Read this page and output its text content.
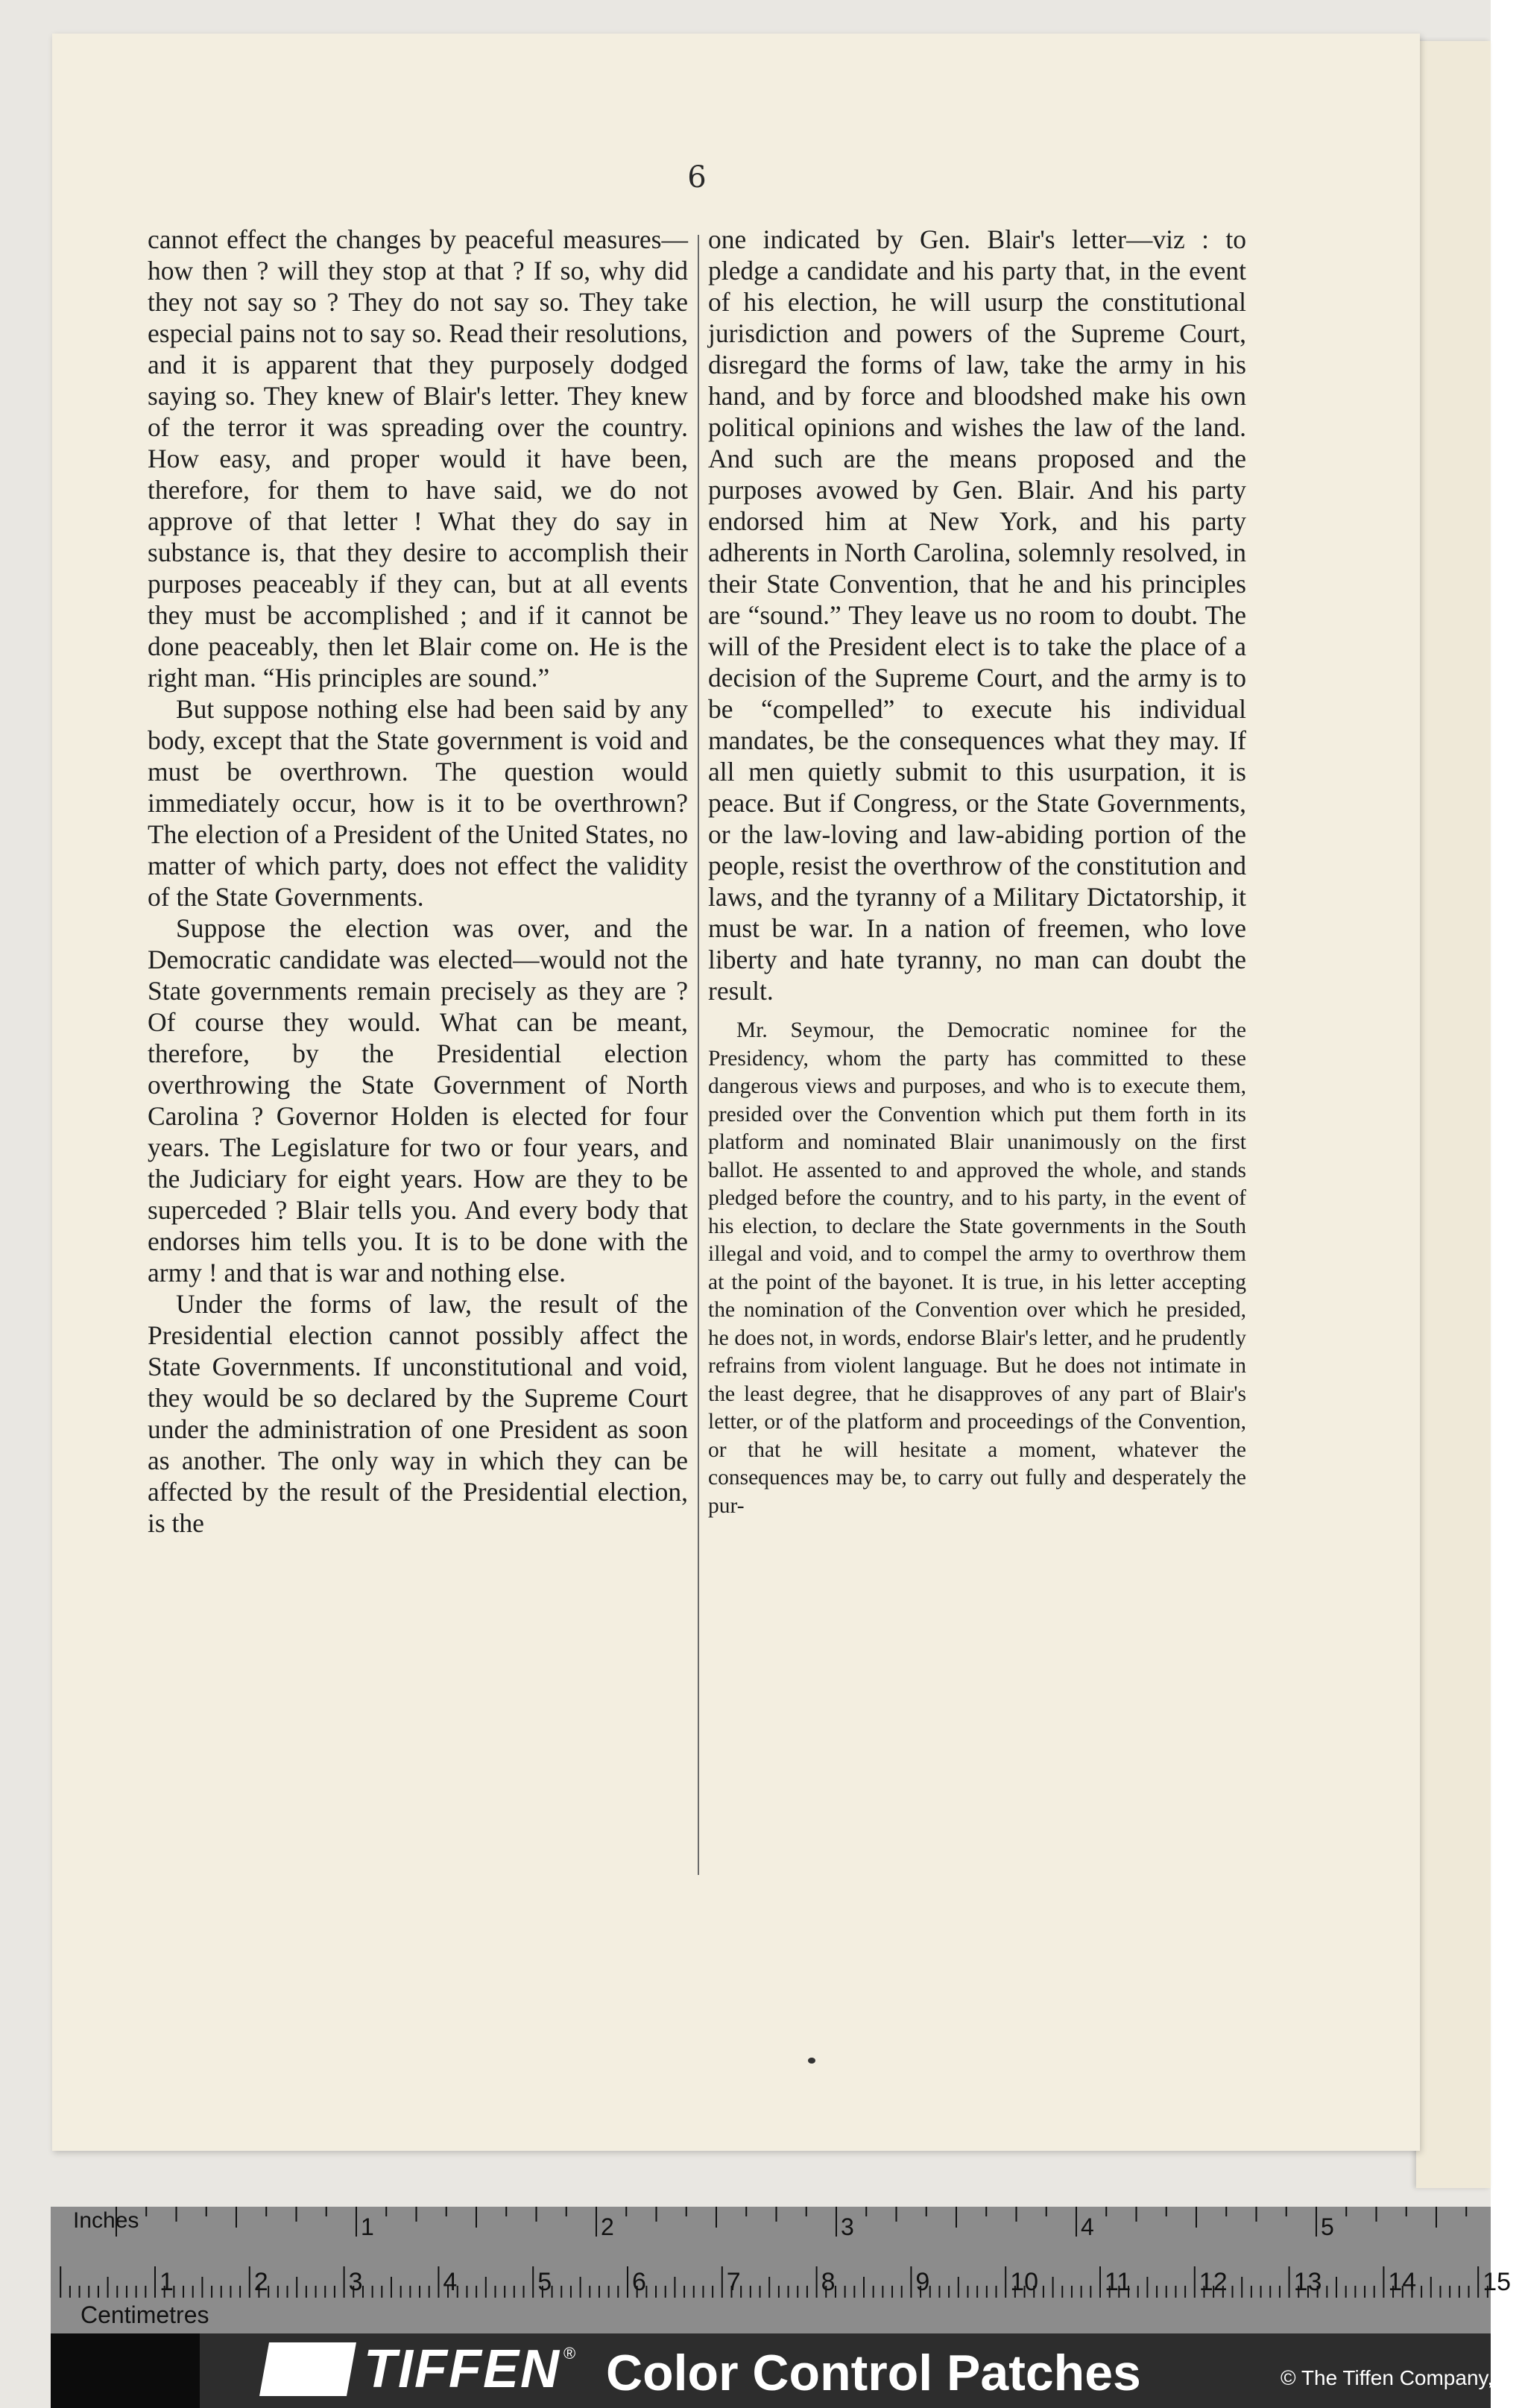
6

cannot effect the changes by peaceful measures—how then ? will they stop at that ? If so, why did they not say so ? They do not say so. They take especial pains not to say so. Read their resolutions, and it is apparent that they purposely dodged saying so. They knew of Blair's letter. They knew of the terror it was spreading over the country. How easy, and proper would it have been, therefore, for them to have said, we do not approve of that letter ! What they do say in substance is, that they desire to accomplish their purposes peaceably if they can, but at all events they must be accomplished ; and if it cannot be done peaceably, then let Blair come on. He is the right man. “His principles are sound.”

But suppose nothing else had been said by any body, except that the State government is void and must be overthrown. The question would immediately occur, how is it to be overthrown? The election of a President of the United States, no matter of which party, does not effect the validity of the State Governments.

Suppose the election was over, and the Democratic candidate was elected—would not the State governments remain precisely as they are ? Of course they would. What can be meant, therefore, by the Presidential election overthrowing the State Government of North Carolina ? Governor Holden is elected for four years. The Legislature for two or four years, and the Judiciary for eight years. How are they to be superceded ? Blair tells you. And every body that endorses him tells you. It is to be done with the army ! and that is war and nothing else.

Under the forms of law, the result of the Presidential election cannot possibly affect the State Governments. If unconstitutional and void, they would be so declared by the Supreme Court under the administration of one President as soon as another. The only way in which they can be affected by the result of the Presidential election, is the

one indicated by Gen. Blair's letter—viz : to pledge a candidate and his party that, in the event of his election, he will usurp the constitutional jurisdiction and powers of the Supreme Court, disregard the forms of law, take the army in his hand, and by force and bloodshed make his own political opinions and wishes the law of the land. And such are the means proposed and the purposes avowed by Gen. Blair. And his party endorsed him at New York, and his party adherents in North Carolina, solemnly resolved, in their State Convention, that he and his principles are “sound.” They leave us no room to doubt. The will of the President elect is to take the place of a decision of the Supreme Court, and the army is to be “compelled” to execute his individual mandates, be the consequences what they may. If all men quietly submit to this usurpation, it is peace. But if Congress, or the State Governments, or the law-loving and law-abiding portion of the people, resist the overthrow of the constitution and laws, and the tyranny of a Military Dictatorship, it must be war. In a nation of freemen, who love liberty and hate tyranny, no man can doubt the result.

Mr. Seymour, the Democratic nominee for the Presidency, whom the party has committed to these dangerous views and purposes, and who is to execute them, presided over the Convention which put them forth in its platform and nominated Blair unanimously on the first ballot. He assented to and approved the whole, and stands pledged before the country, and to his party, in the event of his election, to declare the State governments in the South illegal and void, and to compel the army to overthrow them at the point of the bayonet. It is true, in his letter accepting the nomination of the Convention over which he presided, he does not, in words, endorse Blair's letter, and he prudently refrains from violent language. But he does not intimate in the least degree, that he disapproves of any part of Blair's letter, or of the platform and proceedings of the Convention, or that he will hesitate a moment, whatever the consequences may be, to carry out fully and desperately the pur-

1	2	3	4	5
1	2	3	4	5	6	7	8	9	10	11	12	13	14	15
Inches
Centimetres
TIFFEN ® Color Control Patches	© The Tiffen Company, 20
